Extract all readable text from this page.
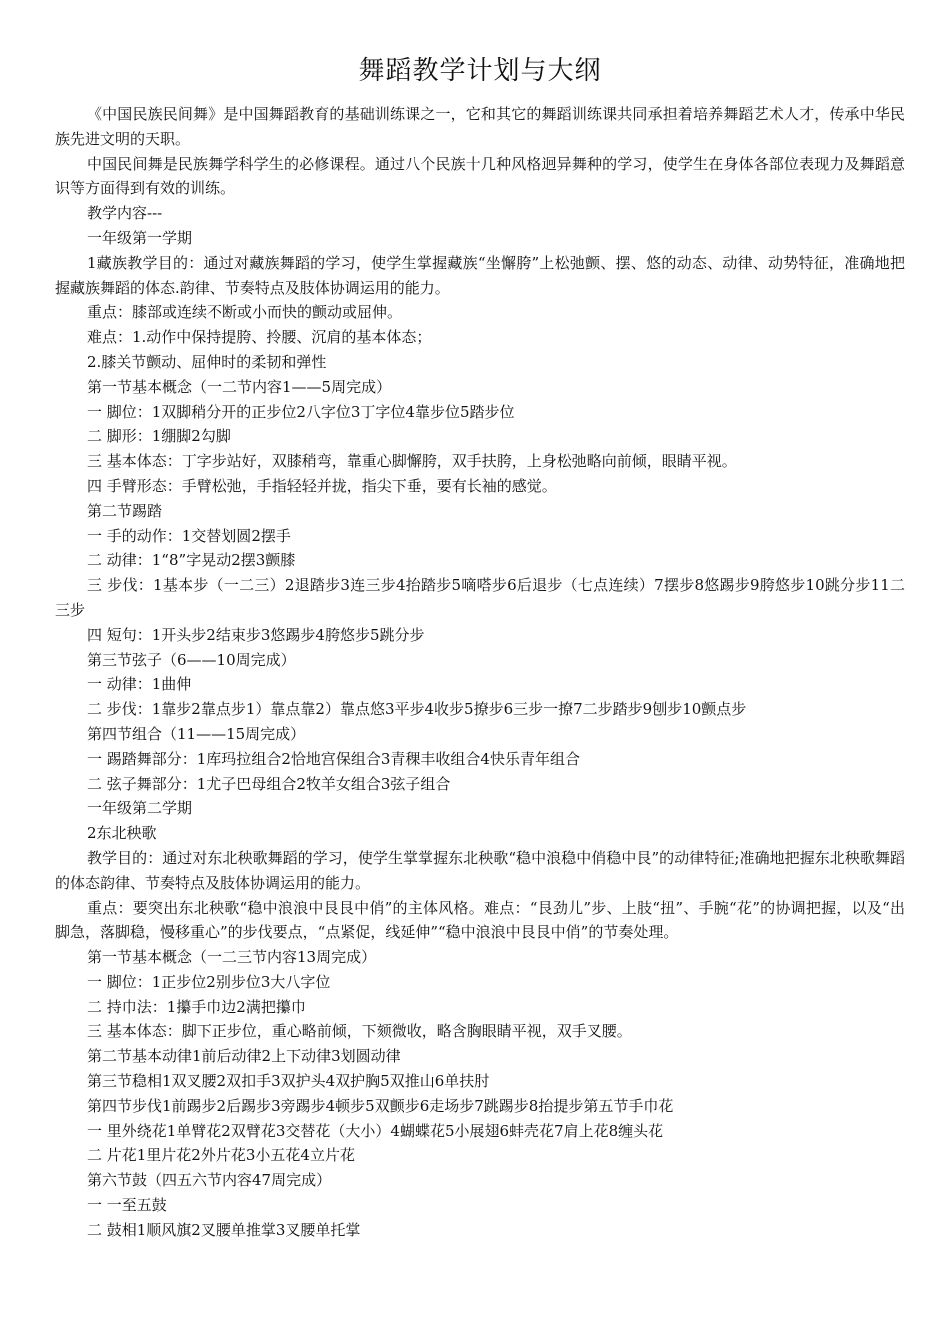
舞蹈教学计划与大纲

《中国民族民间舞》是中国舞蹈教育的基础训练课之一，它和其它的舞蹈训练课共同承担着培养舞蹈艺术人才，传承中华民族先进文明的天职。

中国民间舞是民族舞学科学生的必修课程。通过八个民族十几种风格迥异舞种的学习，使学生在身体各部位表现力及舞蹈意识等方面得到有效的训练。

教学内容---

一年级第一学期

1藏族教学目的：通过对藏族舞蹈的学习，使学生掌握藏族“坐懈胯”上松弛颤、摆、悠的动态、动律、动势特征，准确地把握藏族舞蹈的体态.韵律、节奏特点及肢体协调运用的能力。

重点：膝部或连续不断或小而快的颤动或屈伸。

难点：1.动作中保持提胯、拎腰、沉肩的基本体态；

2.膝关节颤动、屈伸时的柔韧和弹性

第一节基本概念（一二节内容1——5周完成）

一 脚位：1双脚稍分开的正步位2八字位3丁字位4靠步位5踏步位

二 脚形：1绷脚2勾脚

三 基本体态：丁字步站好，双膝稍弯，靠重心脚懈胯，双手扶胯，上身松弛略向前倾，眼睛平视。

四 手臂形态：手臂松弛，手指轻轻并拢，指尖下垂，要有长袖的感觉。

第二节踢踏

一 手的动作：1交替划圆2摆手

二 动律：1“8”字晃动2摆3颤膝

三 步伐：1基本步（一二三）2退踏步3连三步4抬踏步5嘀嗒步6后退步（七点连续）7摆步8悠踢步9胯悠步10跳分步11二三步

四 短句：1开头步2结束步3悠踢步4胯悠步5跳分步

第三节弦子（6——10周完成）

一 动律：1曲伸

二 步伐：1靠步2靠点步1）靠点靠2）靠点悠3平步4收步5撩步6三步一撩7二步踏步9刨步10颤点步

第四节组合（11——15周完成）

一 踢踏舞部分：1库玛拉组合2恰地宫保组合3青稞丰收组合4快乐青年组合

二 弦子舞部分：1尤子巴母组合2牧羊女组合3弦子组合

一年级第二学期

2东北秧歌

教学目的：通过对东北秧歌舞蹈的学习，使学生掌掌握东北秧歌“稳中浪稳中俏稳中艮”的动律特征;准确地把握东北秧歌舞蹈的体态韵律、节奏特点及肢体协调运用的能力。

重点：要突出东北秧歌“稳中浪浪中艮艮中俏”的主体风格。难点：“艮劲儿”步、上肢“扭”、手腕“花”的协调把握，以及“出脚急，落脚稳，慢移重心”的步伐要点，“点紧促，线延伸”“稳中浪浪中艮艮中俏”的节奏处理。

第一节基本概念（一二三节内容13周完成）

一 脚位：1正步位2别步位3大八字位

二 持巾法：1攥手巾边2满把攥巾

三 基本体态：脚下正步位，重心略前倾，下颏微收，略含胸眼睛平视，双手叉腰。

第二节基本动律1前后动律2上下动律3划圆动律

第三节稳相1双叉腰2双扣手3双护头4双护胸5双推山6单扶肘

第四节步伐1前踢步2后踢步3旁踢步4顿步5双颤步6走场步7跳踢步8抬提步第五节手巾花

一 里外绕花1单臂花2双臂花3交替花（大小）4蝴蝶花5小展翅6蚌壳花7肩上花8缠头花

二 片花1里片花2外片花3小五花4立片花

第六节鼓（四五六节内容47周完成）

一 一至五鼓

二 鼓相1顺风旗2叉腰单推掌3叉腰单托掌
